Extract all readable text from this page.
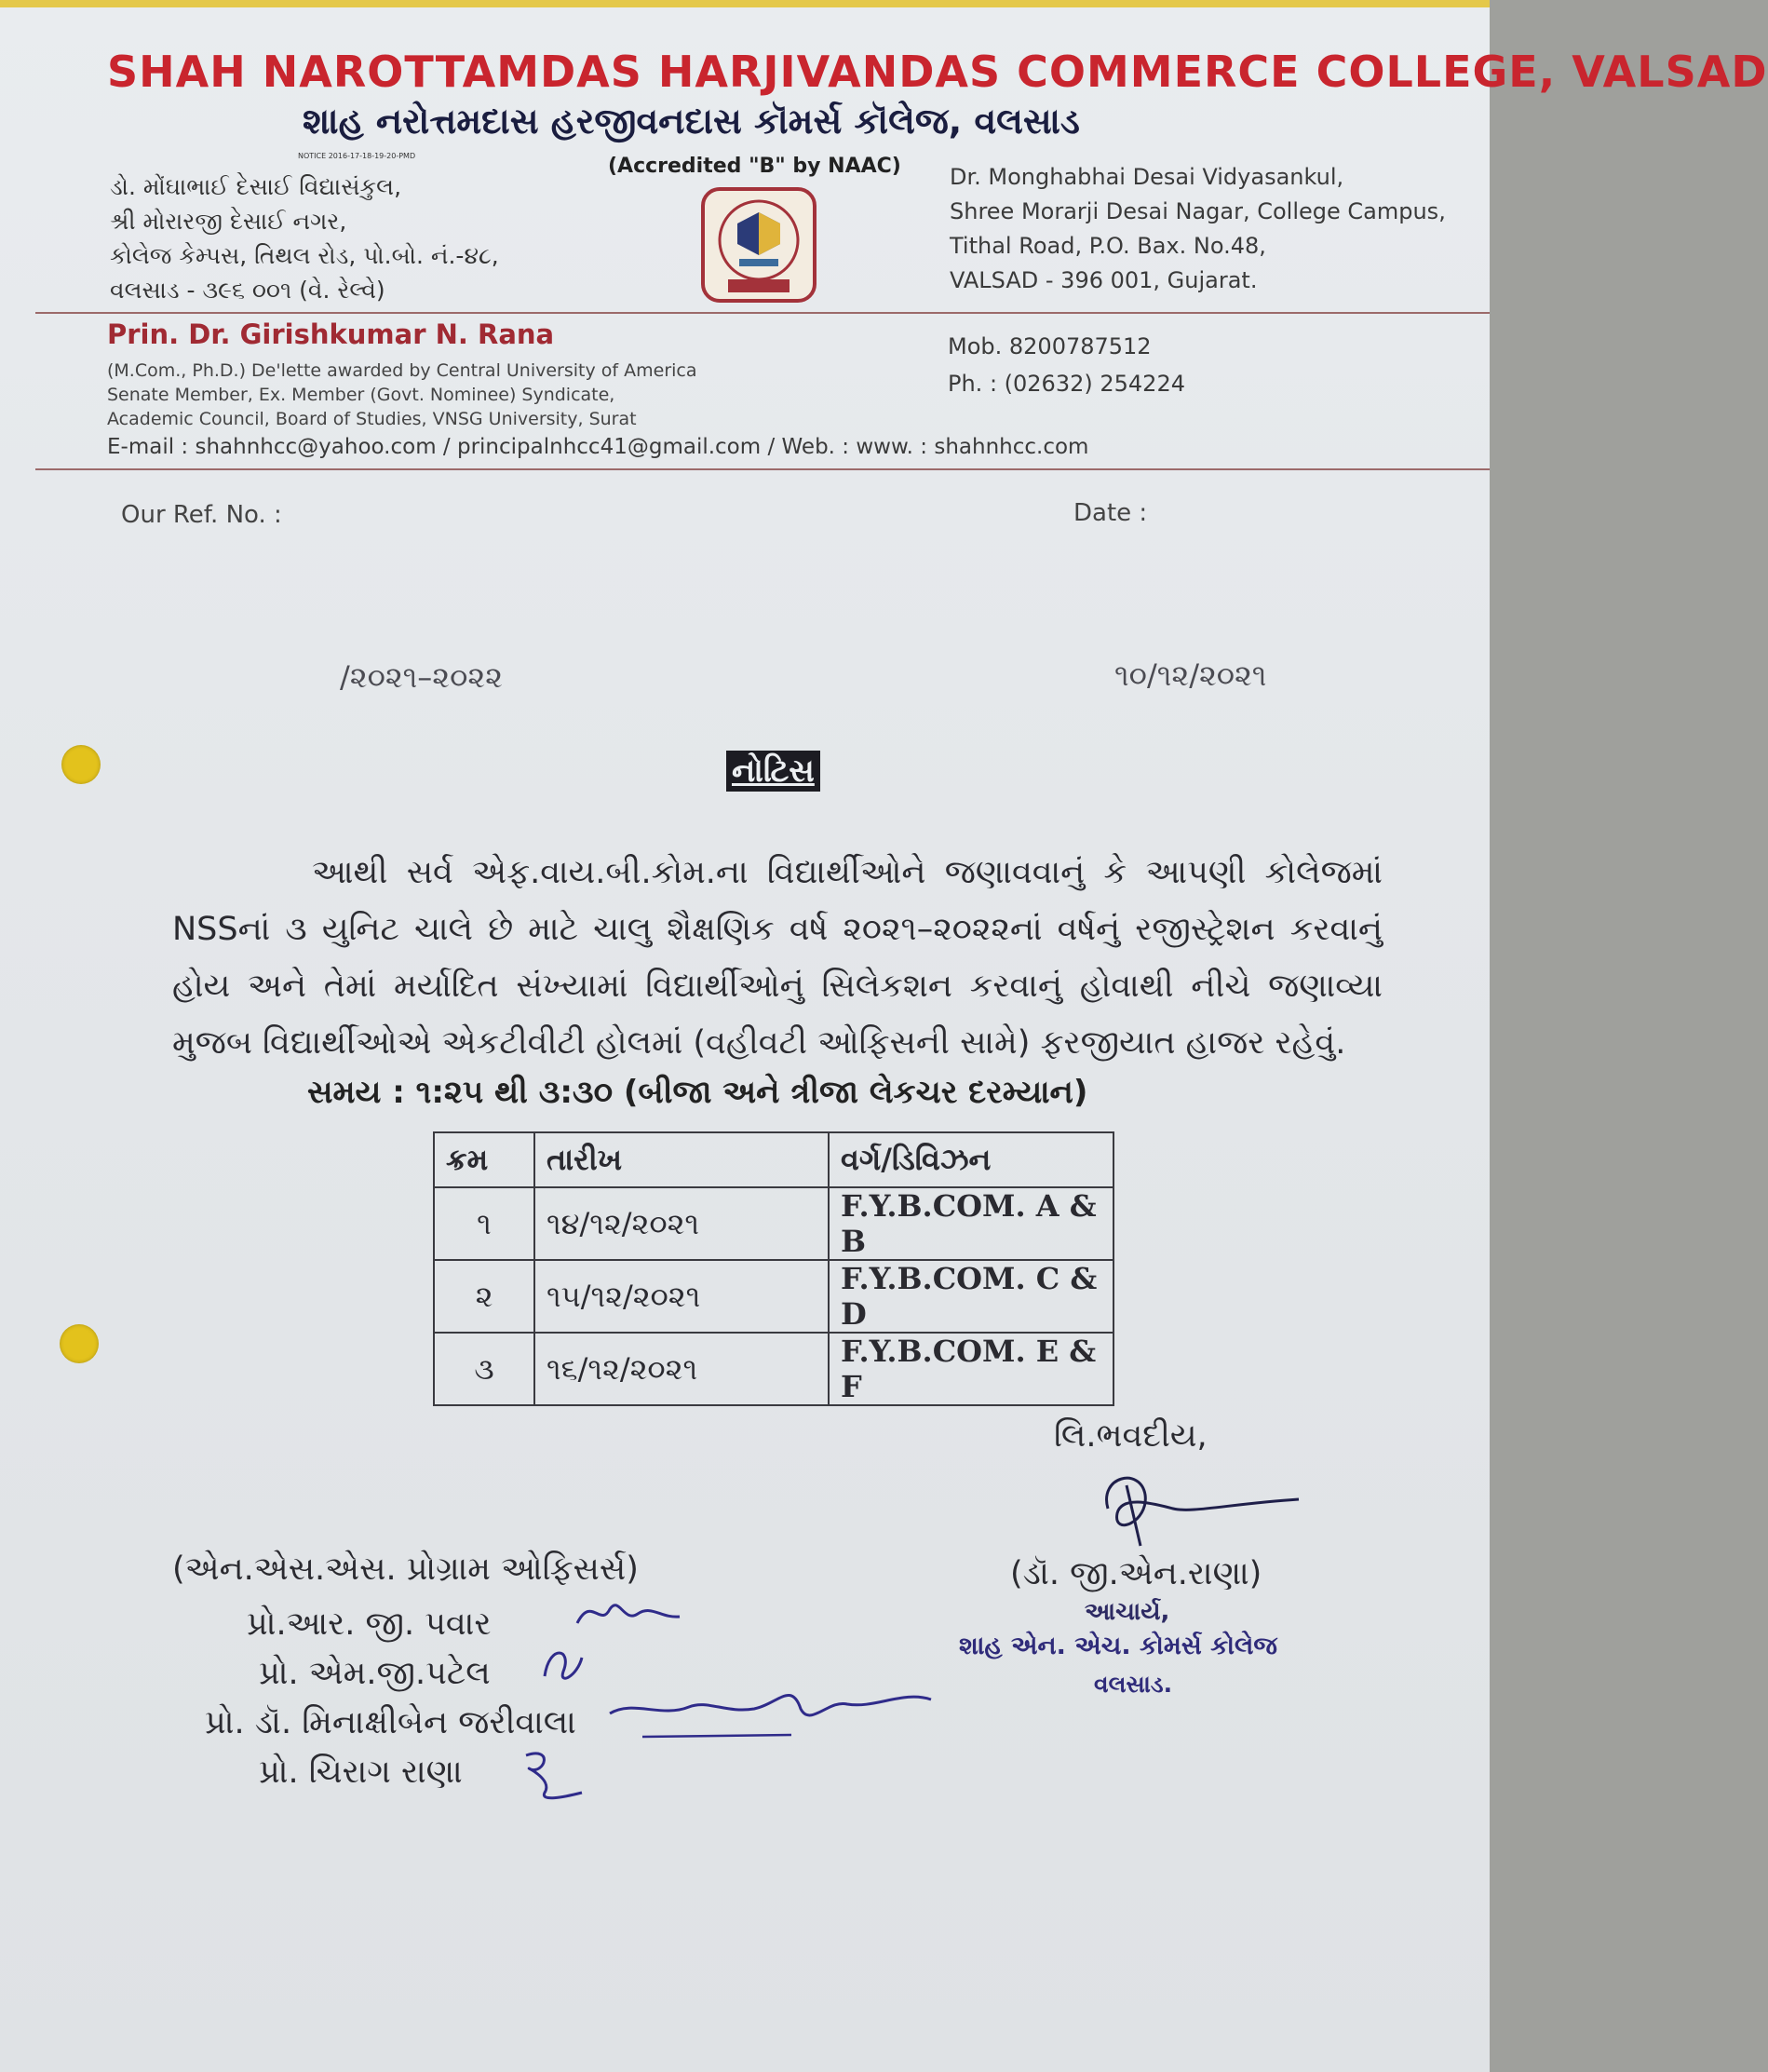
SHAH NAROTTAMDAS HARJIVANDAS COMMERCE COLLEGE, VALSAD
શાહ નરોત્તમદાસ હરજીવનદાસ કૉમર્સ કૉલેજ, વલસાડ
NOTICE 2016-17-18-19-20-PMD	(Accredited "B" by NAAC)
ડો. મોંઘાભાઈ દેસાઈ વિદ્યાસંકુલ,
શ્રી મોરારજી દેસાઈ નગર,
કોલેજ કેમ્પસ, તિથલ રોડ, પો.બો. નં.-૪૮,
વલસાડ - ૩૯૬ ૦૦૧ (વે. રેલ્વે)
Dr. Monghabhai Desai Vidyasankul,
Shree Morarji Desai Nagar, College Campus,
Tithal Road, P.O. Bax. No.48,
VALSAD - 396 001, Gujarat.
Prin. Dr. Girishkumar N. Rana
(M.Com., Ph.D.) De'lette awarded by Central University of America
Senate Member, Ex. Member (Govt. Nominee) Syndicate,
Academic Council, Board of Studies, VNSG University, Surat
Mob. 8200787512
Ph. : (02632) 254224
E-mail : shahnhcc@yahoo.com / principalnhcc41@gmail.com / Web. : www. : shahnhcc.com
Our Ref. No. :	Date :
/૨૦૨૧–૨૦૨૨	૧૦/૧૨/૨૦૨૧
નોટિસ
આથી સર્વ એફ.વાય.બી.કોમ.ના વિદ્યાર્થીઓને જણાવવાનું કે આપણી કોલેજમાં NSSનાં ૩ યુનિટ ચાલે છે માટે ચાલુ શૈક્ષણિક વર્ષ ૨૦૨૧–૨૦૨૨નાં વર્ષનું રજીસ્ટ્રેશન કરવાનું હોય અને તેમાં મર્યાદિત સંખ્યામાં વિદ્યાર્થીઓનું સિલેકશન કરવાનું હોવાથી નીચે જણાવ્યા મુજબ વિદ્યાર્થીઓએ એકટીવીટી હોલમાં (વહીવટી ઓફિસની સામે) ફરજીયાત હાજર રહેવું.
સમય : ૧:૨૫ થી ૩:૩૦ (બીજા અને ત્રીજા લેકચર દરમ્યાન)
ક્રમ	તારીખ	વર્ગ/ડિવિઝન
૧	૧૪/૧૨/૨૦૨૧	F.Y.B.COM. A & B
૨	૧૫/૧૨/૨૦૨૧	F.Y.B.COM. C & D
૩	૧૬/૧૨/૨૦૨૧	F.Y.B.COM. E & F
લિ.ભવદીય,
(ડૉ. જી.એન.રાણા)
આચાર્ય,
શાહ એન. એચ. કોમર્સ કોલેજ
વલસાડ.
(એન.એસ.એસ. પ્રોગ્રામ ઓફિસર્સ)
પ્રો.આર. જી. પવાર
પ્રો. એમ.જી.પટેલ
પ્રો. ડૉ. મિનાક્ષીબેન જરીવાલા
પ્રો. ચિરાગ રાણા
